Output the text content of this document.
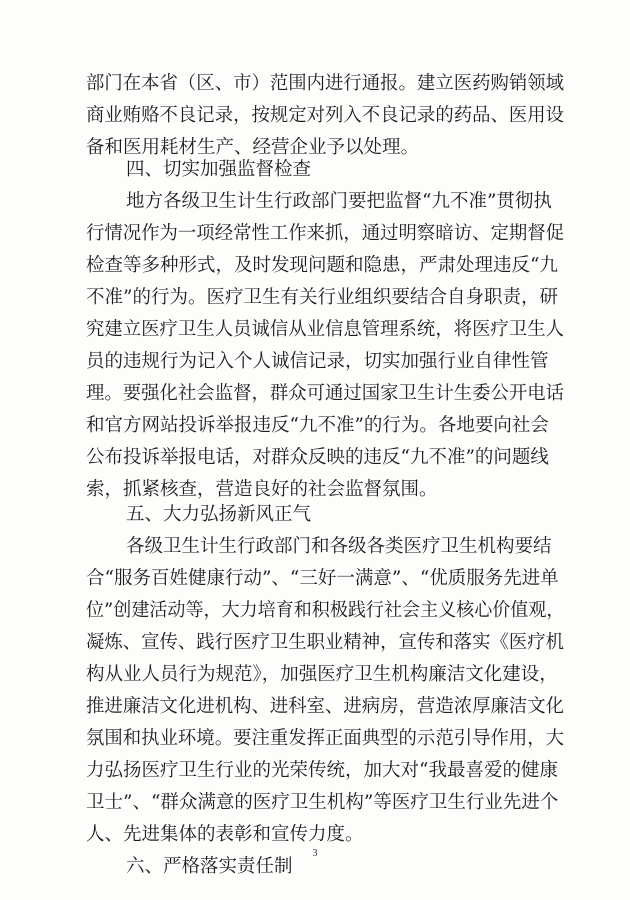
部门在本省（区、市）范围内进行通报。建立医药购销领域
商业贿赂不良记录，按规定对列入不良记录的药品、医用设
备和医用耗材生产、经营企业予以处理。
四、切实加强监督检查
地方各级卫生计生行政部门要把监督“九不准”贯彻执
行情况作为一项经常性工作来抓，通过明察暗访、定期督促
检查等多种形式，及时发现问题和隐患，严肃处理违反“九
不准”的行为。医疗卫生有关行业组织要结合自身职责，研
究建立医疗卫生人员诚信从业信息管理系统，将医疗卫生人
员的违规行为记入个人诚信记录，切实加强行业自律性管
理。要强化社会监督，群众可通过国家卫生计生委公开电话
和官方网站投诉举报违反“九不准”的行为。各地要向社会
公布投诉举报电话，对群众反映的违反“九不准”的问题线
索，抓紧核查，营造良好的社会监督氛围。
五、大力弘扬新风正气
各级卫生计生行政部门和各级各类医疗卫生机构要结
合“服务百姓健康行动”、“三好一满意”、“优质服务先进单
位”创建活动等，大力培育和积极践行社会主义核心价值观，
凝炼、宣传、践行医疗卫生职业精神，宣传和落实《医疗机
构从业人员行为规范》，加强医疗卫生机构廉洁文化建设，
推进廉洁文化进机构、进科室、进病房，营造浓厚廉洁文化
氛围和执业环境。要注重发挥正面典型的示范引导作用，大
力弘扬医疗卫生行业的光荣传统，加大对“我最喜爱的健康
卫士”、“群众满意的医疗卫生机构”等医疗卫生行业先进个
人、先进集体的表彰和宣传力度。
六、严格落实责任制
3
